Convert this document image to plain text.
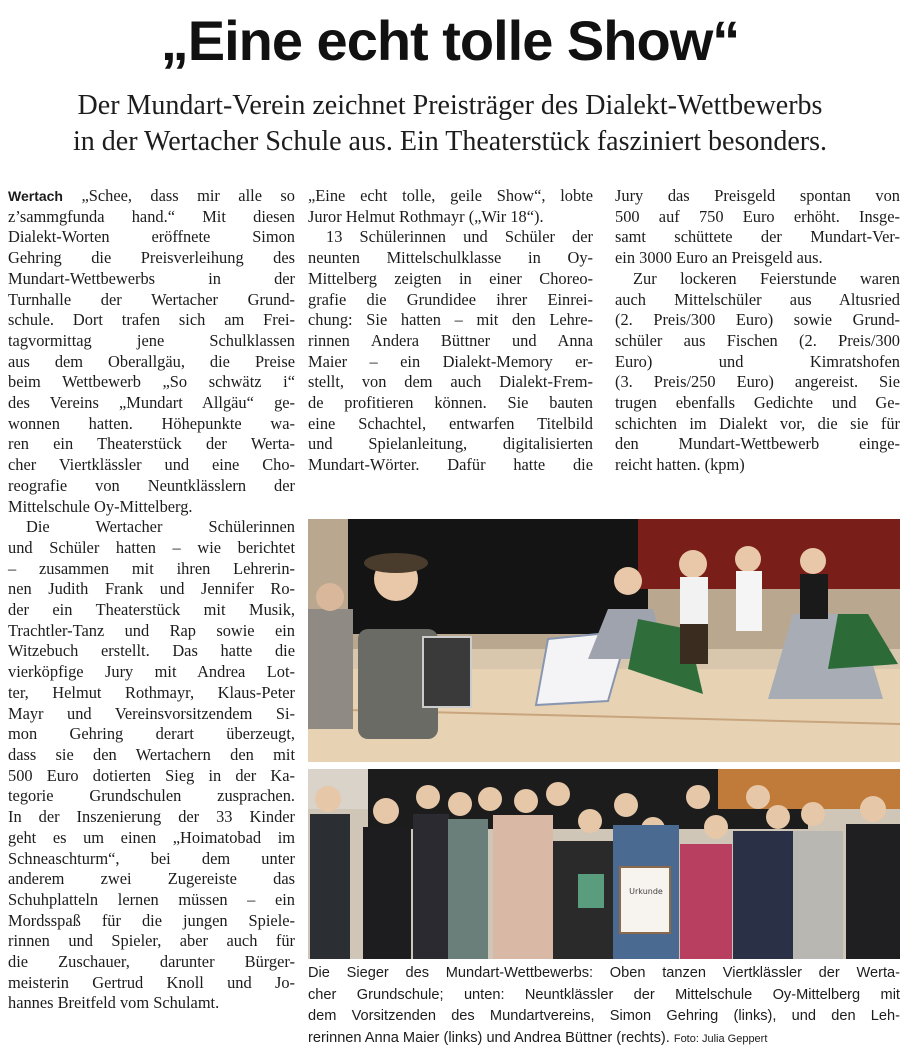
„Eine echt tolle Show“
Der Mundart-Verein zeichnet Preisträger des Dialekt-Wettbewerbs
in der Wertacher Schule aus. Ein Theaterstück fasziniert besonders.
Wertach „Schee, dass mir alle so
z’sammgfunda hand.“ Mit diesen
Dialekt-Worten eröffnete Simon
Gehring die Preisverleihung des
Mundart-Wettbewerbs in der
Turnhalle der Wertacher Grund-
schule. Dort trafen sich am Frei-
tagvormittag jene Schulklassen
aus dem Oberallgäu, die Preise
beim Wettbewerb „So schwätz i“
des Vereins „Mundart Allgäu“ ge-
wonnen hatten. Höhepunkte wa-
ren ein Theaterstück der Werta-
cher Viertklässler und eine Cho-
reografie von Neuntklässlern der
Mittelschule Oy-Mittelberg.
Die Wertacher Schülerinnen
und Schüler hatten – wie berichtet
– zusammen mit ihren Lehrerin-
nen Judith Frank und Jennifer Ro-
der ein Theaterstück mit Musik,
Trachtler-Tanz und Rap sowie ein
Witzebuch erstellt. Das hatte die
vierköpfige Jury mit Andrea Lot-
ter, Helmut Rothmayr, Klaus-Peter
Mayr und Vereinsvorsitzendem Si-
mon Gehring derart überzeugt,
dass sie den Wertachern den mit
500 Euro dotierten Sieg in der Ka-
tegorie Grundschulen zusprachen.
In der Inszenierung der 33 Kinder
geht es um einen „Hoimatobad im
Schneaschturm“, bei dem unter
anderem zwei Zugereiste das
Schuhplatteln lernen müssen – ein
Mordsspaß für die jungen Spiele-
rinnen und Spieler, aber auch für
die Zuschauer, darunter Bürger-
meisterin Gertrud Knoll und Jo-
hannes Breitfeld vom Schulamt.
„Eine echt tolle, geile Show“, lobte
Juror Helmut Rothmayr („Wir 18“).
13 Schülerinnen und Schüler der
neunten Mittelschulklasse in Oy-
Mittelberg zeigten in einer Choreo-
grafie die Grundidee ihrer Einrei-
chung: Sie hatten – mit den Lehre-
rinnen Andera Büttner und Anna
Maier – ein Dialekt-Memory er-
stellt, von dem auch Dialekt-Frem-
de profitieren können. Sie bauten
eine Schachtel, entwarfen Titelbild
und Spielanleitung, digitalisierten
Mundart-Wörter. Dafür hatte die
Jury das Preisgeld spontan von
500 auf 750 Euro erhöht. Insge-
samt schüttete der Mundart-Ver-
ein 3000 Euro an Preisgeld aus.
Zur lockeren Feierstunde waren
auch Mittelschüler aus Altusried
(2. Preis/300 Euro) sowie Grund-
schüler aus Fischen (2. Preis/300
Euro) und Kimratshofen
(3. Preis/250 Euro) angereist. Sie
trugen ebenfalls Gedichte und Ge-
schichten im Dialekt vor, die sie für
den Mundart-Wettbewerb einge-
reicht hatten. (kpm)
Urkunde
Die Sieger des Mundart-Wettbewerbs: Oben tanzen Viertklässler der Werta-
cher Grundschule; unten: Neuntklässler der Mittelschule Oy-Mittelberg mit
dem Vorsitzenden des Mundartvereins, Simon Gehring (links), und den Leh-
rerinnen Anna Maier (links) und Andrea Büttner (rechts). Foto: Julia Geppert
